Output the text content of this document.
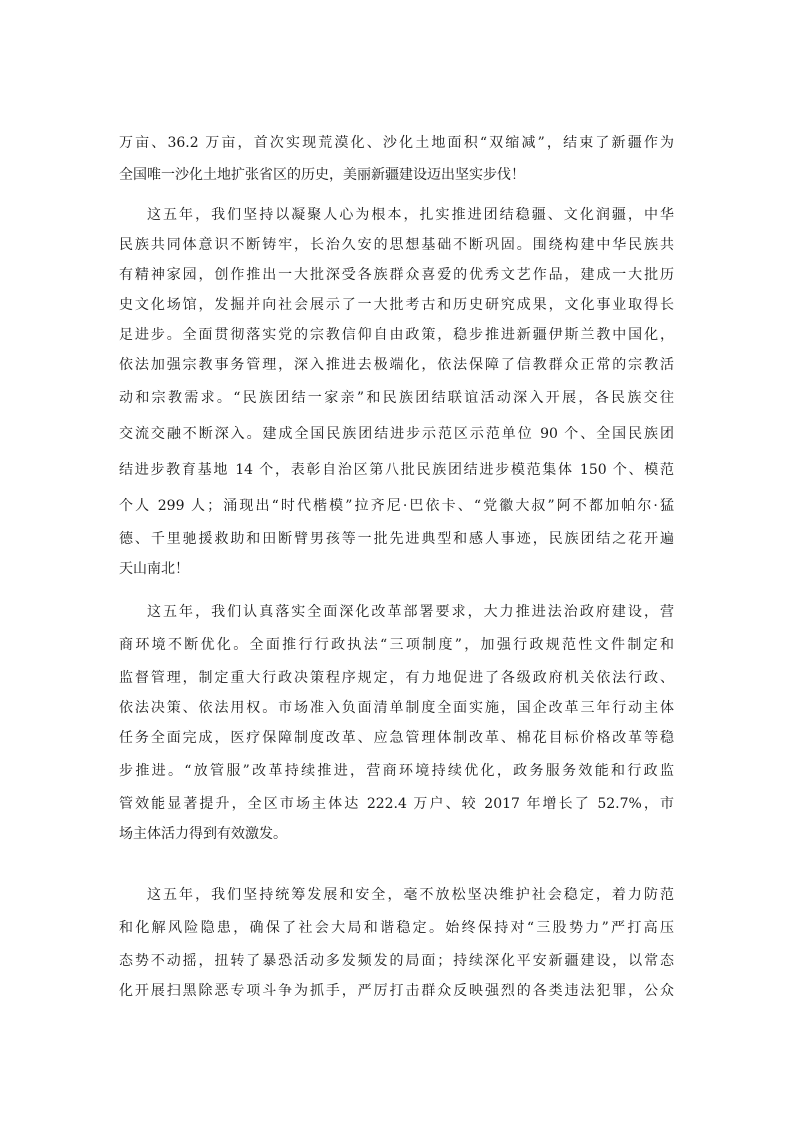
万亩、36.2 万亩，首次实现荒漠化、沙化土地面积“双缩减”，结束了新疆作为
全国唯一沙化土地扩张省区的历史，美丽新疆建设迈出坚实步伐！
这五年，我们坚持以凝聚人心为根本，扎实推进团结稳疆、文化润疆，中华
民族共同体意识不断铸牢，长治久安的思想基础不断巩固。围绕构建中华民族共
有精神家园，创作推出一大批深受各族群众喜爱的优秀文艺作品，建成一大批历
史文化场馆，发掘并向社会展示了一大批考古和历史研究成果，文化事业取得长
足进步。全面贯彻落实党的宗教信仰自由政策，稳步推进新疆伊斯兰教中国化，
依法加强宗教事务管理，深入推进去极端化，依法保障了信教群众正常的宗教活
动和宗教需求。“民族团结一家亲”和民族团结联谊活动深入开展，各民族交往
交流交融不断深入。建成全国民族团结进步示范区示范单位 90 个、全国民族团
结进步教育基地 14 个，表彰自治区第八批民族团结进步模范集体 150 个、模范
个人 299 人；涌现出“时代楷模”拉齐尼·巴依卡、“党徽大叔”阿不都加帕尔·猛
德、千里驰援救助和田断臂男孩等一批先进典型和感人事迹，民族团结之花开遍
天山南北！
这五年，我们认真落实全面深化改革部署要求，大力推进法治政府建设，营
商环境不断优化。全面推行行政执法“三项制度”，加强行政规范性文件制定和
监督管理，制定重大行政决策程序规定，有力地促进了各级政府机关依法行政、
依法决策、依法用权。市场准入负面清单制度全面实施，国企改革三年行动主体
任务全面完成，医疗保障制度改革、应急管理体制改革、棉花目标价格改革等稳
步推进。“放管服”改革持续推进，营商环境持续优化，政务服务效能和行政监
管效能显著提升，全区市场主体达 222.4 万户、较 2017 年增长了 52.7%，市
场主体活力得到有效激发。
这五年，我们坚持统筹发展和安全，毫不放松坚决维护社会稳定，着力防范
和化解风险隐患，确保了社会大局和谐稳定。始终保持对“三股势力”严打高压
态势不动摇，扭转了暴恐活动多发频发的局面；持续深化平安新疆建设，以常态
化开展扫黑除恶专项斗争为抓手，严厉打击群众反映强烈的各类违法犯罪，公众
